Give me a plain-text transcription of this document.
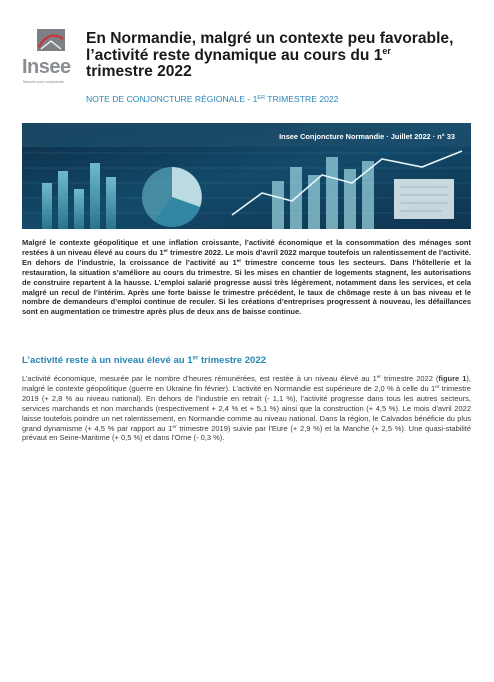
Insee
Mesurer pour comprendre
En Normandie, malgré un contexte peu favorable,
l’activité reste dynamique au cours du 1er
trimestre 2022
NOTE DE CONJONCTURE RÉGIONALE - 1ER TRIMESTRE 2022
Insee Conjoncture Normandie · Juillet 2022 · n° 33

Malgré le contexte géopolitique et une inflation croissante, l’activité économique et la consommation des ménages sont restées à un niveau élevé au cours du 1er trimestre 2022. Le mois d’avril 2022 marque toutefois un ralentissement de l’activité. En dehors de l’industrie, la croissance de l’activité au 1er trimestre concerne tous les secteurs. Dans l’hôtellerie et la restauration, la situation s’améliore au cours du trimestre. Si les mises en chantier de logements stagnent, les autorisations de construire repartent à la hausse. L’emploi salarié progresse aussi très légèrement, notamment dans les services, et cela malgré un recul de l’intérim. Après une forte baisse le trimestre précédent, le taux de chômage reste à un bas niveau et le nombre de demandeurs d’emploi continue de reculer. Si les créations d’entreprises progressent à nouveau, les défaillances sont en augmentation ce trimestre après plus de deux ans de baisse continue.

L’activité reste à un niveau élevé au 1er trimestre 2022

L’activité économique, mesurée par le nombre d’heures rémunérées, est restée à un niveau élevé au 1er trimestre 2022 (figure 1), malgré le contexte géopolitique (guerre en Ukraine fin février). L’activité en Normandie est supérieure de 2,0 % à celle du 1er trimestre 2019 (+ 2,8 % au niveau national). En dehors de l’industrie en retrait (- 1,1 %), l’activité progresse dans tous les autres secteurs, services marchands et non marchands (respectivement + 2,4 % et + 5,1 %) ainsi que la construction (+ 4,5 %). Le mois d’avril 2022 laisse toutefois poindre un net ralentissement, en Normandie comme au niveau national. Dans la région, le Calvados bénéficie du plus grand dynamisme (+ 4,5 % par rapport au 1er trimestre 2019) suivie par l’Eure (+ 2,9 %) et la Manche (+ 2,5 %). Une quasi-stabilité prévaut en Seine-Maritime (+ 0,5 %) et dans l’Orne (- 0,3 %).
